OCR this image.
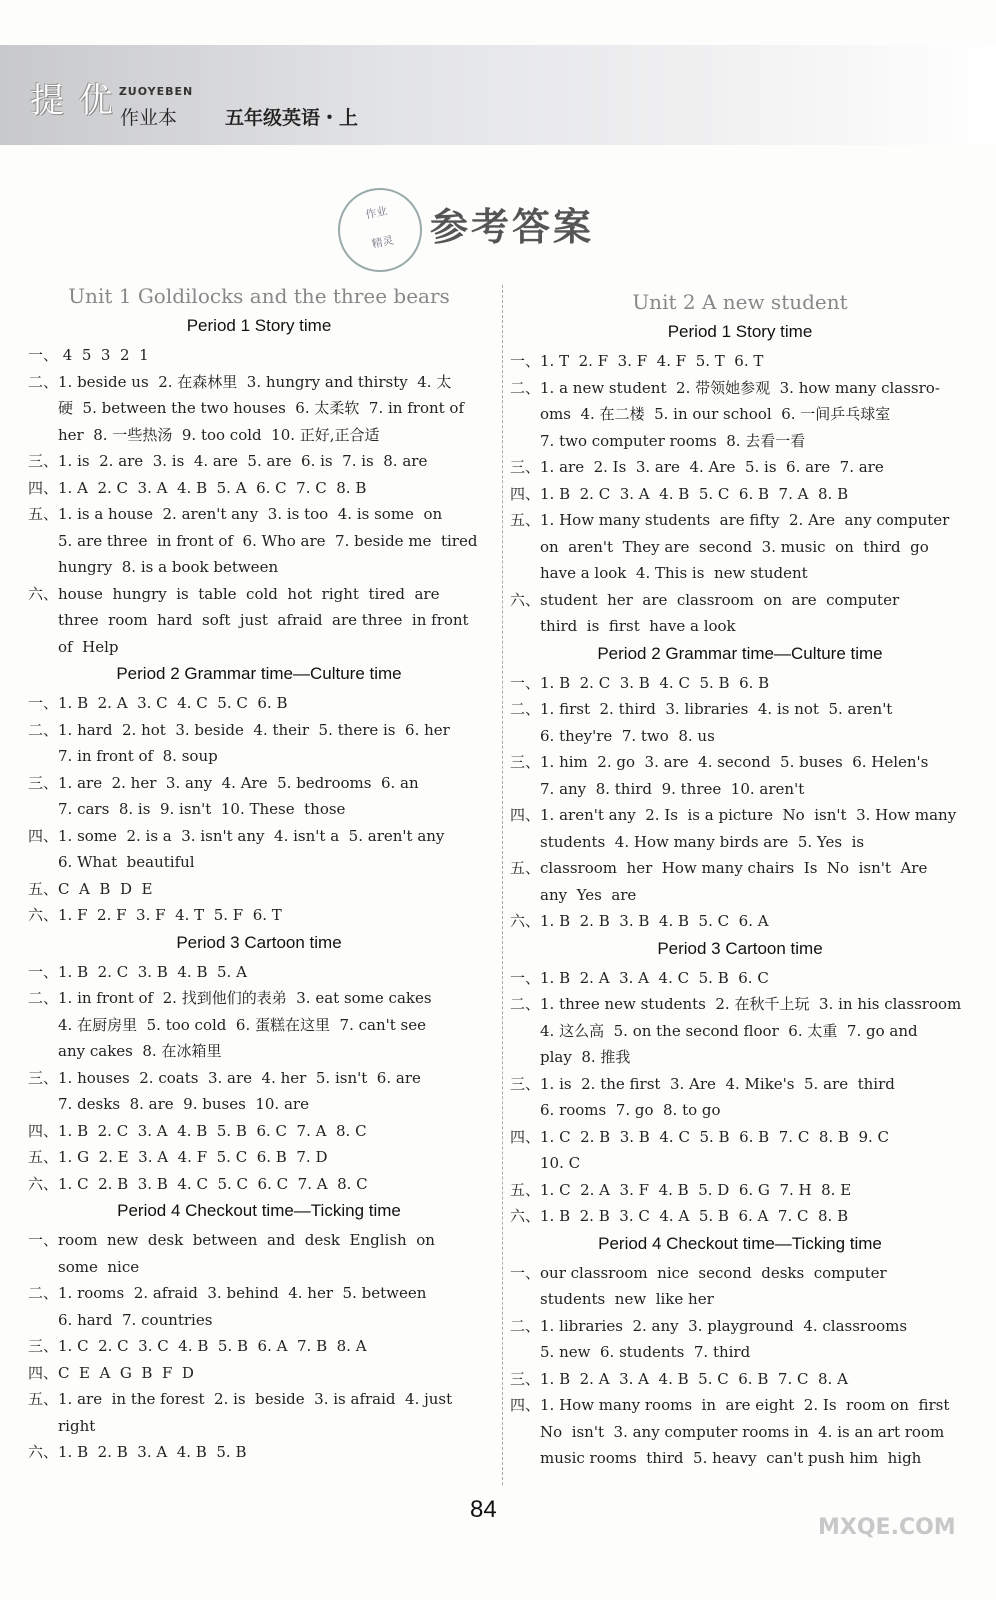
提 优 ZUOYEBEN
作业本	五年级英语・上
作业
精灵 参考答案
Unit 1 Goldilocks and the three bears
Period 1 Story time
一、 4  5  3  2  1
二、1. beside us  2. 在森林里  3. hungry and thirsty  4. 太
硬  5. between the two houses  6. 太柔软  7. in front of
her  8. 一些热汤  9. too cold  10. 正好,正合适
三、1. is  2. are  3. is  4. are  5. are  6. is  7. is  8. are
四、1. A  2. C  3. A  4. B  5. A  6. C  7. C  8. B
五、1. is a house  2. aren't any  3. is too  4. is some  on
5. are three  in front of  6. Who are  7. beside me  tired
hungry  8. is a book between
六、house  hungry  is  table  cold  hot  right  tired  are
three  room  hard  soft  just  afraid  are three  in front
of  Help
Period 2 Grammar time—Culture time
一、1. B  2. A  3. C  4. C  5. C  6. B
二、1. hard  2. hot  3. beside  4. their  5. there is  6. her
7. in front of  8. soup
三、1. are  2. her  3. any  4. Are  5. bedrooms  6. an
7. cars  8. is  9. isn't  10. These  those
四、1. some  2. is a  3. isn't any  4. isn't a  5. aren't any
6. What  beautiful
五、C  A  B  D  E
六、1. F  2. F  3. F  4. T  5. F  6. T
Period 3 Cartoon time
一、1. B  2. C  3. B  4. B  5. A
二、1. in front of  2. 找到他们的表弟  3. eat some cakes
4. 在厨房里  5. too cold  6. 蛋糕在这里  7. can't see
any cakes  8. 在冰箱里
三、1. houses  2. coats  3. are  4. her  5. isn't  6. are
7. desks  8. are  9. buses  10. are
四、1. B  2. C  3. A  4. B  5. B  6. C  7. A  8. C
五、1. G  2. E  3. A  4. F  5. C  6. B  7. D
六、1. C  2. B  3. B  4. C  5. C  6. C  7. A  8. C
Period 4 Checkout time—Ticking time
一、room  new  desk  between  and  desk  English  on
some  nice
二、1. rooms  2. afraid  3. behind  4. her  5. between
6. hard  7. countries
三、1. C  2. C  3. C  4. B  5. B  6. A  7. B  8. A
四、C  E  A  G  B  F  D
五、1. are  in the forest  2. is  beside  3. is afraid  4. just
right
六、1. B  2. B  3. A  4. B  5. B
Unit 2 A new student
Period 1 Story time
一、1. T  2. F  3. F  4. F  5. T  6. T
二、1. a new student  2. 带领她参观  3. how many classro-
oms  4. 在二楼  5. in our school  6. 一间乒乓球室
7. two computer rooms  8. 去看一看
三、1. are  2. Is  3. are  4. Are  5. is  6. are  7. are
四、1. B  2. C  3. A  4. B  5. C  6. B  7. A  8. B
五、1. How many students  are fifty  2. Are  any computer
on  aren't  They are  second  3. music  on  third  go
have a look  4. This is  new student
六、student  her  are  classroom  on  are  computer
third  is  first  have a look
Period 2 Grammar time—Culture time
一、1. B  2. C  3. B  4. C  5. B  6. B
二、1. first  2. third  3. libraries  4. is not  5. aren't
6. they're  7. two  8. us
三、1. him  2. go  3. are  4. second  5. buses  6. Helen's
7. any  8. third  9. three  10. aren't
四、1. aren't any  2. Is  is a picture  No  isn't  3. How many
students  4. How many birds are  5. Yes  is
五、classroom  her  How many chairs  Is  No  isn't  Are
any  Yes  are
六、1. B  2. B  3. B  4. B  5. C  6. A
Period 3 Cartoon time
一、1. B  2. A  3. A  4. C  5. B  6. C
二、1. three new students  2. 在秋千上玩  3. in his classroom
4. 这么高  5. on the second floor  6. 太重  7. go and
play  8. 推我
三、1. is  2. the first  3. Are  4. Mike's  5. are  third
6. rooms  7. go  8. to go
四、1. C  2. B  3. B  4. C  5. B  6. B  7. C  8. B  9. C
10. C
五、1. C  2. A  3. F  4. B  5. D  6. G  7. H  8. E
六、1. B  2. B  3. C  4. A  5. B  6. A  7. C  8. B
Period 4 Checkout time—Ticking time
一、our classroom  nice  second  desks  computer
students  new  like her
二、1. libraries  2. any  3. playground  4. classrooms
5. new  6. students  7. third
三、1. B  2. A  3. A  4. B  5. C  6. B  7. C  8. A
四、1. How many rooms  in  are eight  2. Is  room on  first
No  isn't  3. any computer rooms in  4. is an art room
music rooms  third  5. heavy  can't push him  high
84
MXQE.COM
